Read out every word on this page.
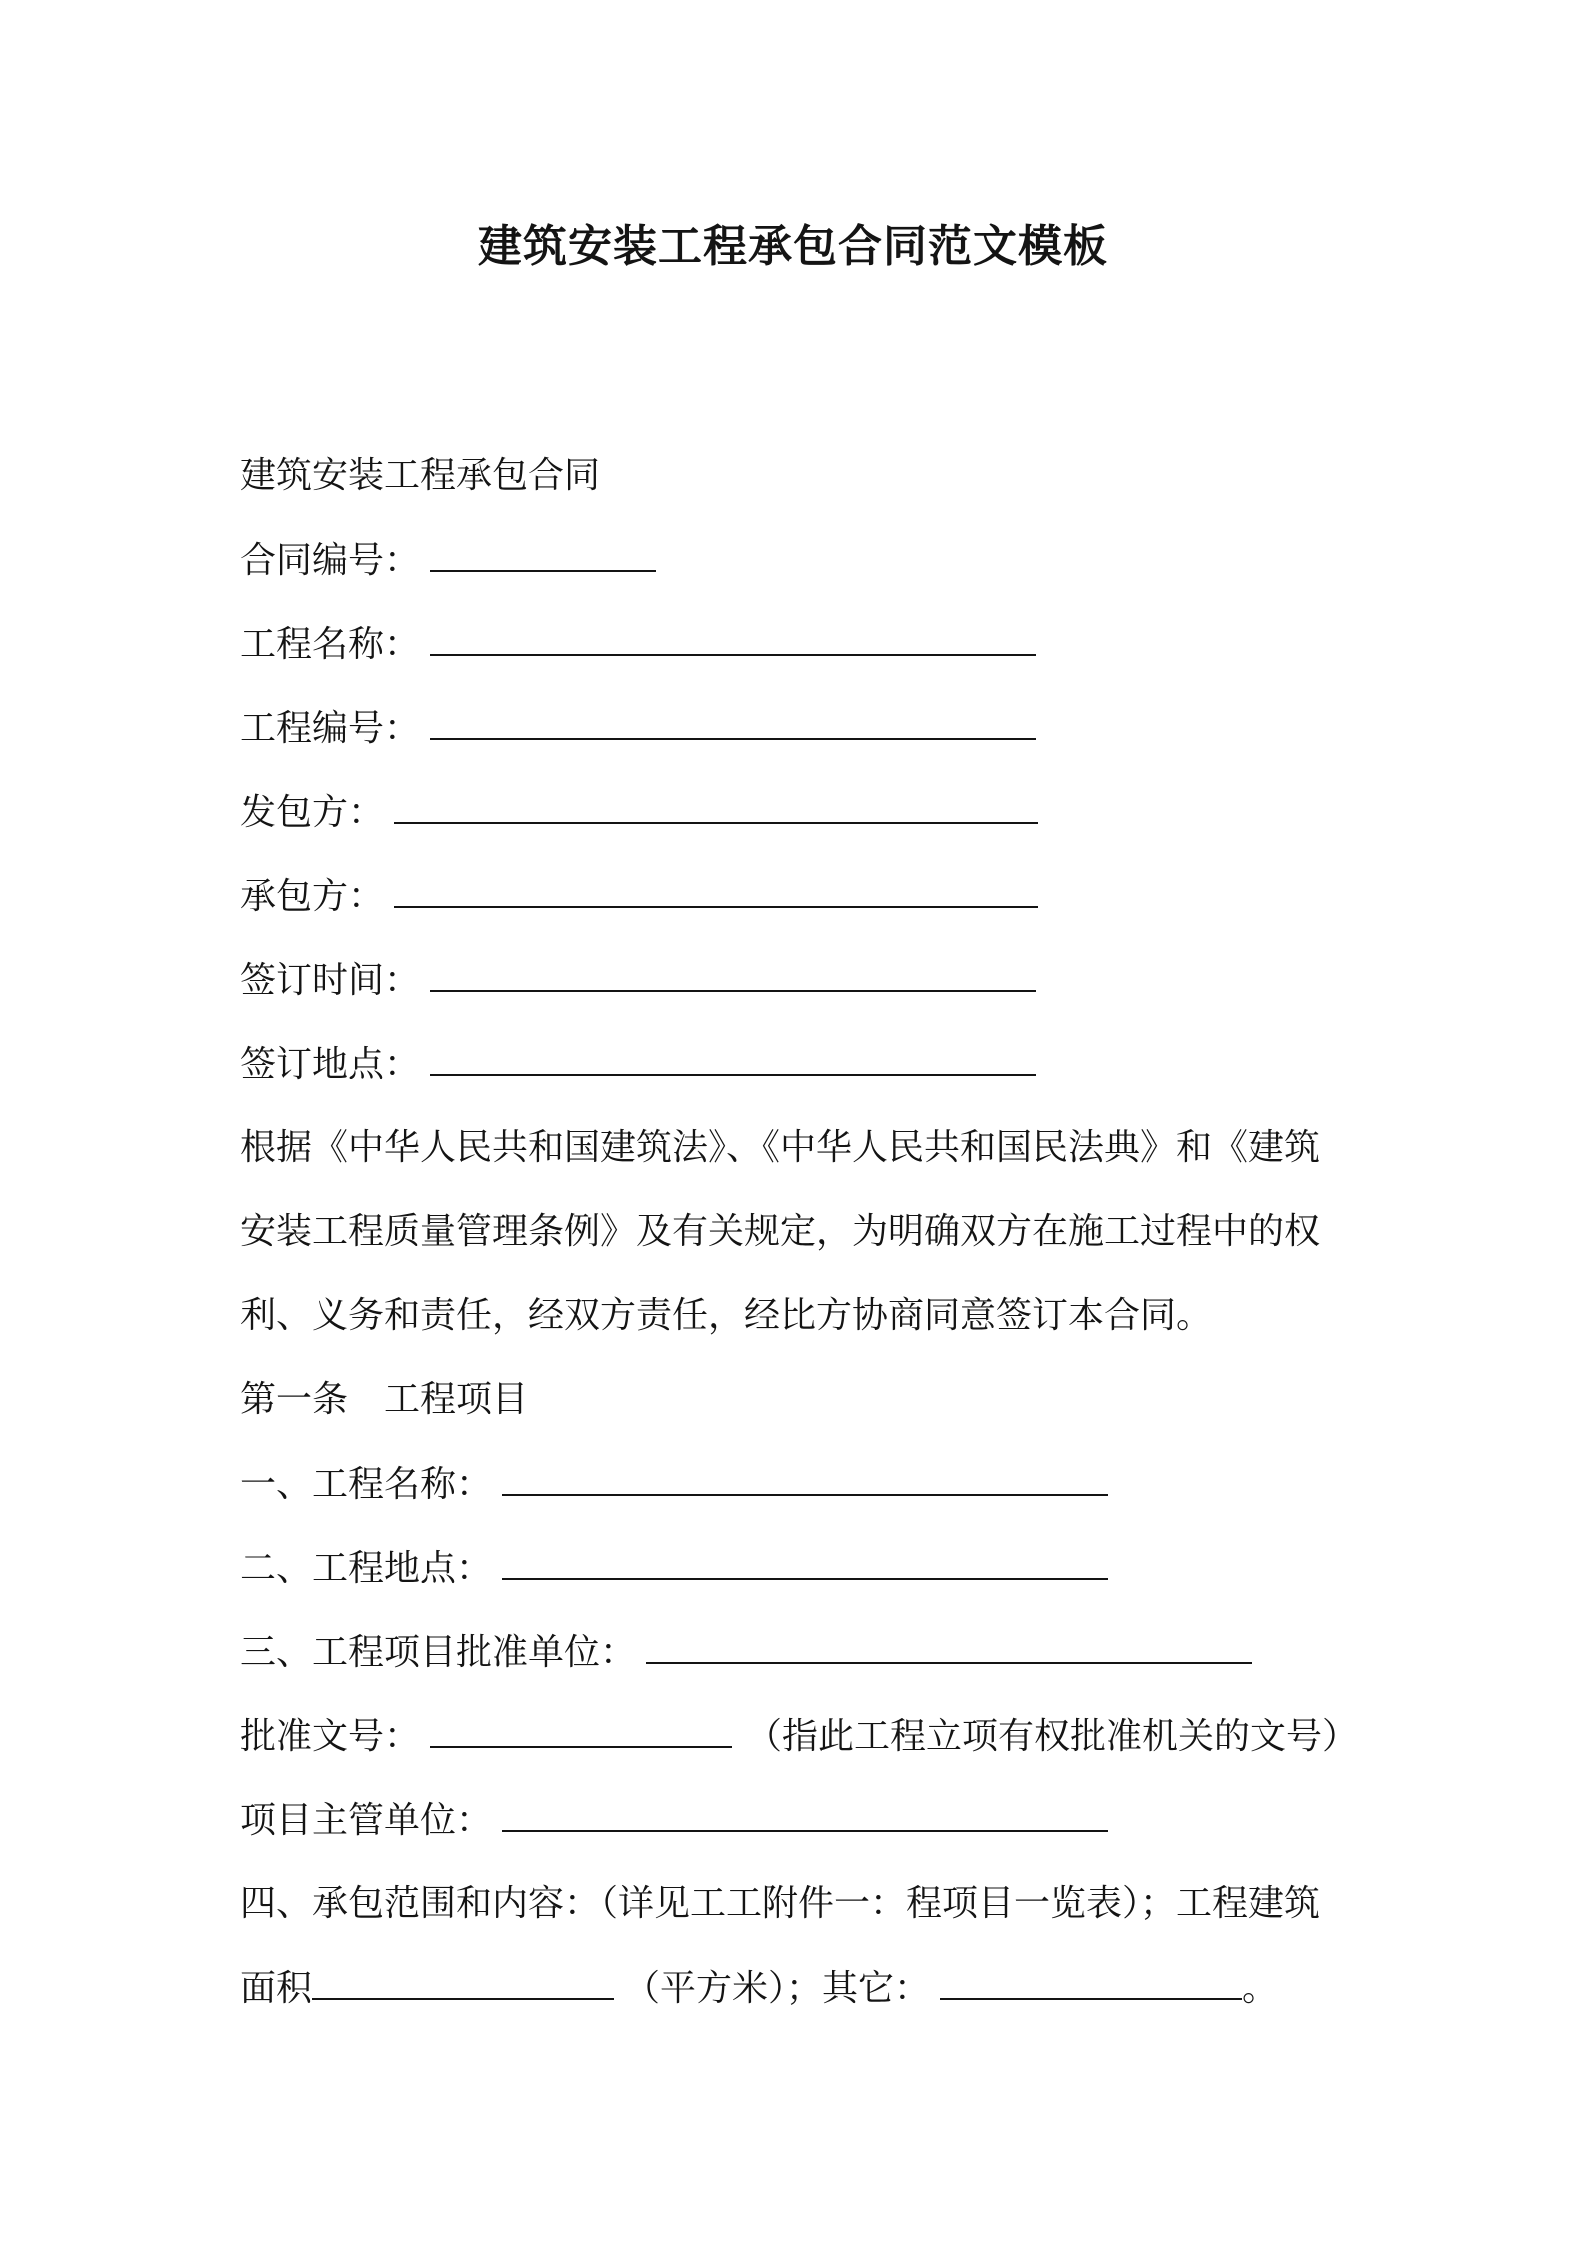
建筑安装工程承包合同范文模板
建筑安装工程承包合同
合同编号：
工程名称：
工程编号：
发包方：
承包方：
签订时间：
签订地点：
根据《中华人民共和国建筑法》、《中华人民共和国民法典》和《建筑
安装工程质量管理条例》及有关规定，为明确双方在施工过程中的权
利、义务和责任，经双方责任，经比方协商同意签订本合同。
第一条 工程项目
一、工程名称：
二、工程地点：
三、工程项目批准单位：
批准文号：	（指此工程立项有权批准机关的文号）
项目主管单位：
四、承包范围和内容：（详见工工附件一：程项目一览表）；工程建筑
面积	（平方米）；其它：	。
